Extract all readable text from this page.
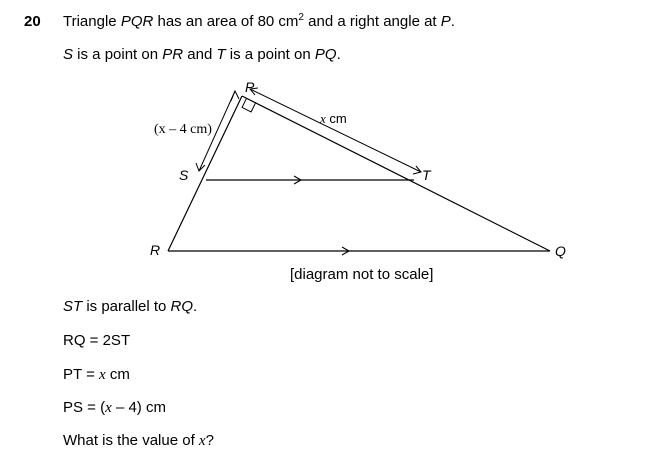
20 Triangle PQR has an area of 80 $cm^2$ and a right angle at P.
S is a point on PR and T is a point on PQ.
P
S	T
R	Q
(x – 4 cm)
x cm
[diagram not to scale]
ST is parallel to RQ.
RQ = 2ST
PT = x cm
PS = (x – 4) cm
What is the value of x?
